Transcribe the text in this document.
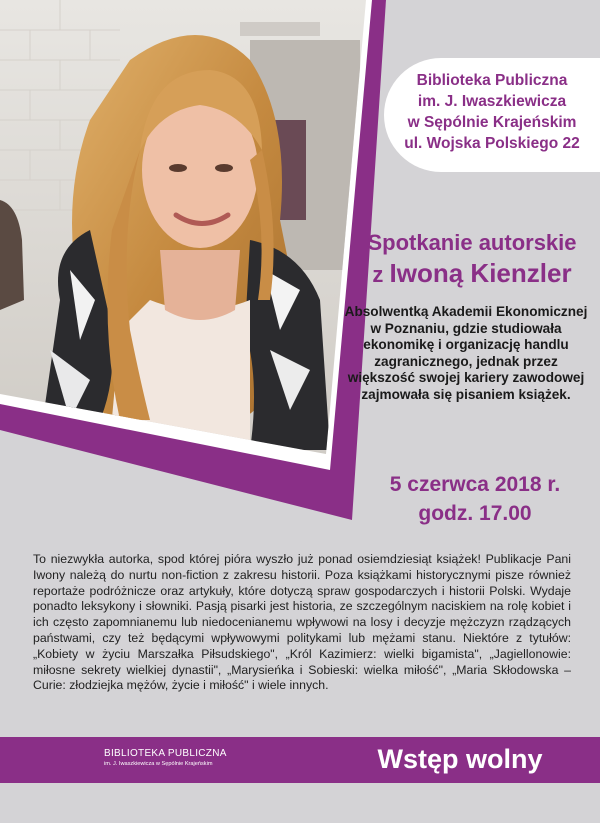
Biblioteka Publiczna
im. J. Iwaszkiewicza
w Sępólnie Krajeńskim
ul. Wojska Polskiego 22
Spotkanie autorskie
z Iwoną Kienzler
Absolwentką Akademii Ekonomicznej w Poznaniu, gdzie studiowała ekonomikę i organizację handlu zagranicznego, jednak przez większość swojej kariery zawodowej zajmowała się pisaniem książek.
5 czerwca 2018 r.
godz. 17.00
To niezwykła autorka, spod której pióra wyszło już ponad osiemdziesiąt książek! Publikacje Pani Iwony należą do nurtu non-fiction z zakresu historii. Poza książkami historycznymi pisze również reportaże podróżnicze oraz artykuły, które dotyczą spraw gospodarczych i historii Polski. Wydaje ponadto leksykony i słowniki. Pasją pisarki jest historia, ze szczególnym naciskiem na rolę kobiet i ich często zapomnianemu lub niedocenianemu wpływowi na losy i decyzje mężczyzn rządzących państwami, czy też będącymi wpływowymi politykami lub mężami stanu. Niektóre z tytułów: „Kobiety w życiu Marszałka Piłsudskiego", „Król Kazimierz: wielki bigamista", „Jagiellonowie: miłosne sekrety wielkiej dynastii", „Marysieńka i Sobieski: wielka miłość", „Maria Skłodowska – Curie: złodziejka mężów, życie i miłość" i wiele innych.
BIBLIOTEKA PUBLICZNA
im. J. Iwaszkiewicza w Sępólnie Krajeńskim	Wstęp wolny
